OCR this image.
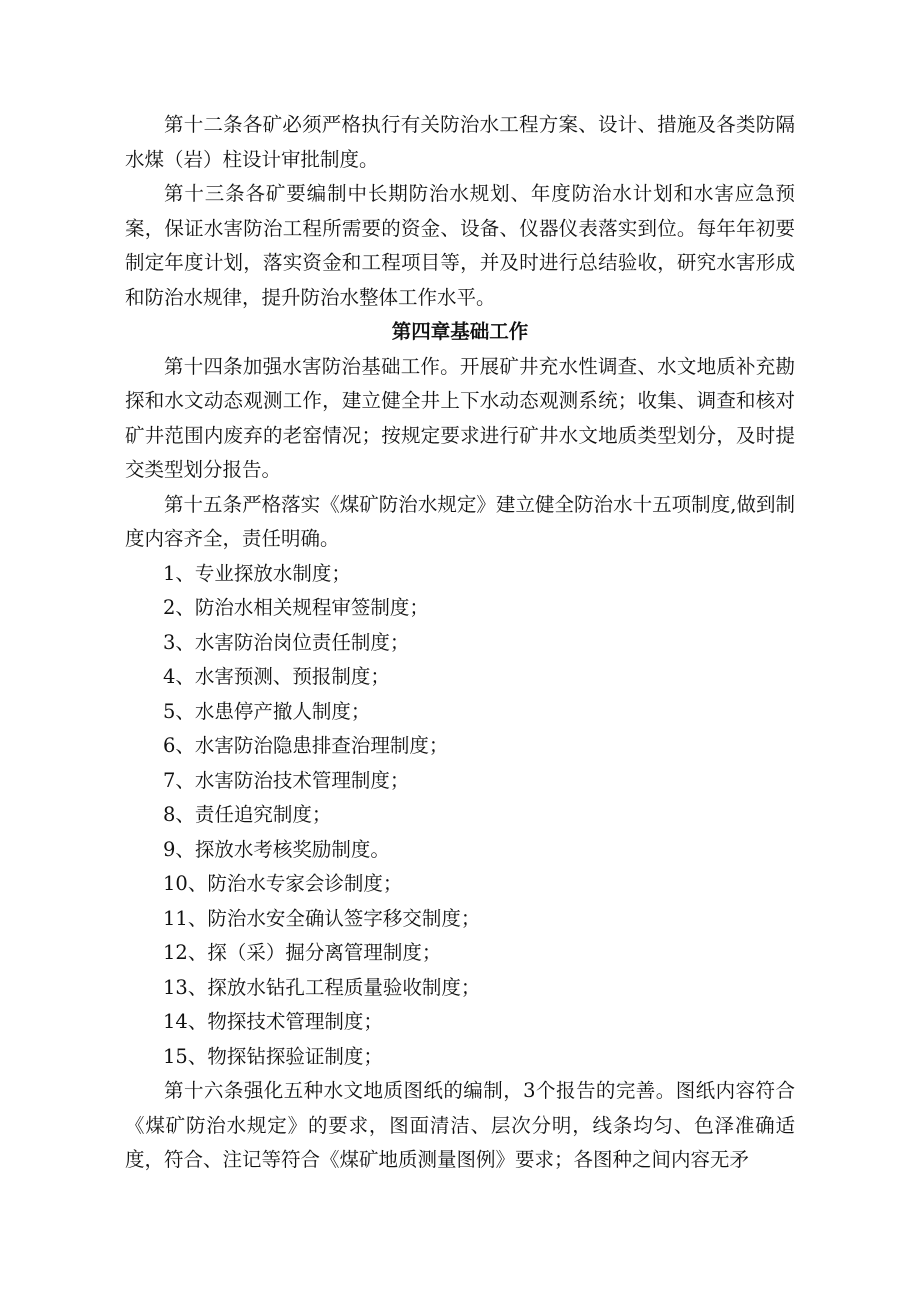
第十二条各矿必须严格执行有关防治水工程方案、设计、措施及各类防隔水煤（岩）柱设计审批制度。

第十三条各矿要编制中长期防治水规划、年度防治水计划和水害应急预案，保证水害防治工程所需要的资金、设备、仪器仪表落实到位。每年年初要制定年度计划，落实资金和工程项目等，并及时进行总结验收，研究水害形成和防治水规律，提升防治水整体工作水平。

第四章基础工作

第十四条加强水害防治基础工作。开展矿井充水性调查、水文地质补充勘探和水文动态观测工作，建立健全井上下水动态观测系统；收集、调查和核对矿井范围内废弃的老窑情况；按规定要求进行矿井水文地质类型划分，及时提交类型划分报告。

第十五条严格落实《煤矿防治水规定》建立健全防治水十五项制度,做到制度内容齐全，责任明确。

1、专业探放水制度；

2、防治水相关规程审签制度；

3、水害防治岗位责任制度；

4、水害预测、预报制度；

5、水患停产撤人制度；

6、水害防治隐患排查治理制度；

7、水害防治技术管理制度；

8、责任追究制度；

9、探放水考核奖励制度。

10、防治水专家会诊制度；

11、防治水安全确认签字移交制度；

12、探（采）掘分离管理制度；

13、探放水钻孔工程质量验收制度；

14、物探技术管理制度；

15、物探钻探验证制度；

第十六条强化五种水文地质图纸的编制，3个报告的完善。图纸内容符合《煤矿防治水规定》的要求，图面清洁、层次分明，线条均匀、色泽准确适度，符合、注记等符合《煤矿地质测量图例》要求；各图种之间内容无矛
